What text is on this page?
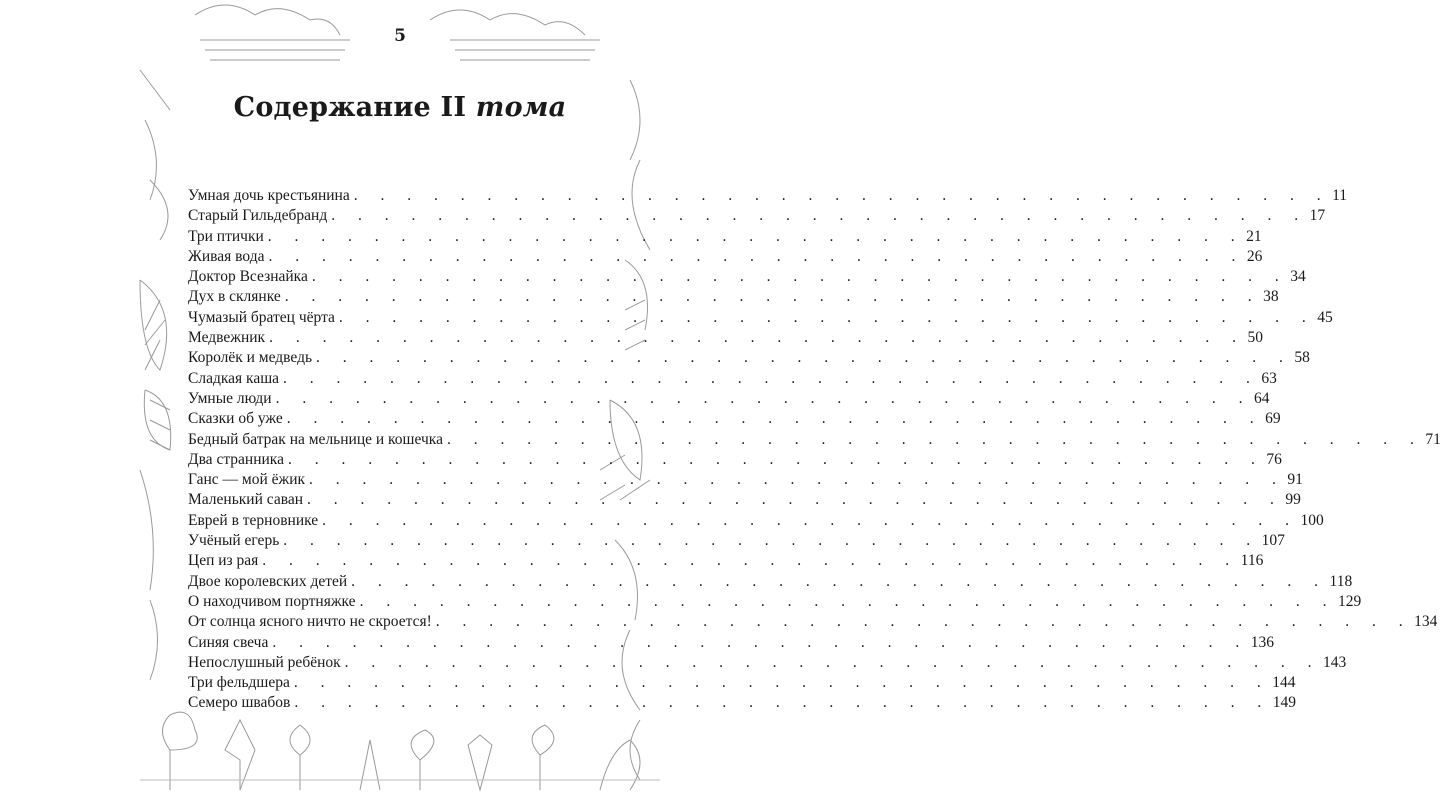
5
Содержание II тома
Умная дочь крестьянина . . . . . . . . . . . . . . . . . . . . . . . . . . . . . . . . . . . . . 11
Старый Гильдебранд . . . . . . . . . . . . . . . . . . . . . . . . . . . . . . . . . . . . . 17
Три птички . . . . . . . . . . . . . . . . . . . . . . . . . . . . . . . . . . . . . 21
Живая вода . . . . . . . . . . . . . . . . . . . . . . . . . . . . . . . . . . . . . 26
Доктор Всезнайка . . . . . . . . . . . . . . . . . . . . . . . . . . . . . . . . . . . . . 34
Дух в склянке . . . . . . . . . . . . . . . . . . . . . . . . . . . . . . . . . . . . . 38
Чумазый братец чёрта . . . . . . . . . . . . . . . . . . . . . . . . . . . . . . . . . . . . . 45
Медвежник . . . . . . . . . . . . . . . . . . . . . . . . . . . . . . . . . . . . . 50
Королёк и медведь . . . . . . . . . . . . . . . . . . . . . . . . . . . . . . . . . . . . . 58
Сладкая каша . . . . . . . . . . . . . . . . . . . . . . . . . . . . . . . . . . . . . 63
Умные люди . . . . . . . . . . . . . . . . . . . . . . . . . . . . . . . . . . . . . 64
Сказки об уже . . . . . . . . . . . . . . . . . . . . . . . . . . . . . . . . . . . . . 69
Бедный батрак на мельнице и кошечка . . . . . . . . . . . . . . . . . . . . . . . . . . . . . . . . . . . . . 71
Два странника . . . . . . . . . . . . . . . . . . . . . . . . . . . . . . . . . . . . . 76
Ганс — мой ёжик . . . . . . . . . . . . . . . . . . . . . . . . . . . . . . . . . . . . . 91
Маленький саван . . . . . . . . . . . . . . . . . . . . . . . . . . . . . . . . . . . . . 99
Еврей в терновнике . . . . . . . . . . . . . . . . . . . . . . . . . . . . . . . . . . . . . 100
Учёный егерь . . . . . . . . . . . . . . . . . . . . . . . . . . . . . . . . . . . . . 107
Цеп из рая . . . . . . . . . . . . . . . . . . . . . . . . . . . . . . . . . . . . . 116
Двое королевских детей . . . . . . . . . . . . . . . . . . . . . . . . . . . . . . . . . . . . . 118
О находчивом портняжке . . . . . . . . . . . . . . . . . . . . . . . . . . . . . . . . . . . . . 129
От солнца ясного ничто не скроется! . . . . . . . . . . . . . . . . . . . . . . . . . . . . . . . . . . . . . 134
Синяя свеча . . . . . . . . . . . . . . . . . . . . . . . . . . . . . . . . . . . . . 136
Непослушный ребёнок . . . . . . . . . . . . . . . . . . . . . . . . . . . . . . . . . . . . . 143
Три фельдшера . . . . . . . . . . . . . . . . . . . . . . . . . . . . . . . . . . . . . 144
Семеро швабов . . . . . . . . . . . . . . . . . . . . . . . . . . . . . . . . . . . . . 149
